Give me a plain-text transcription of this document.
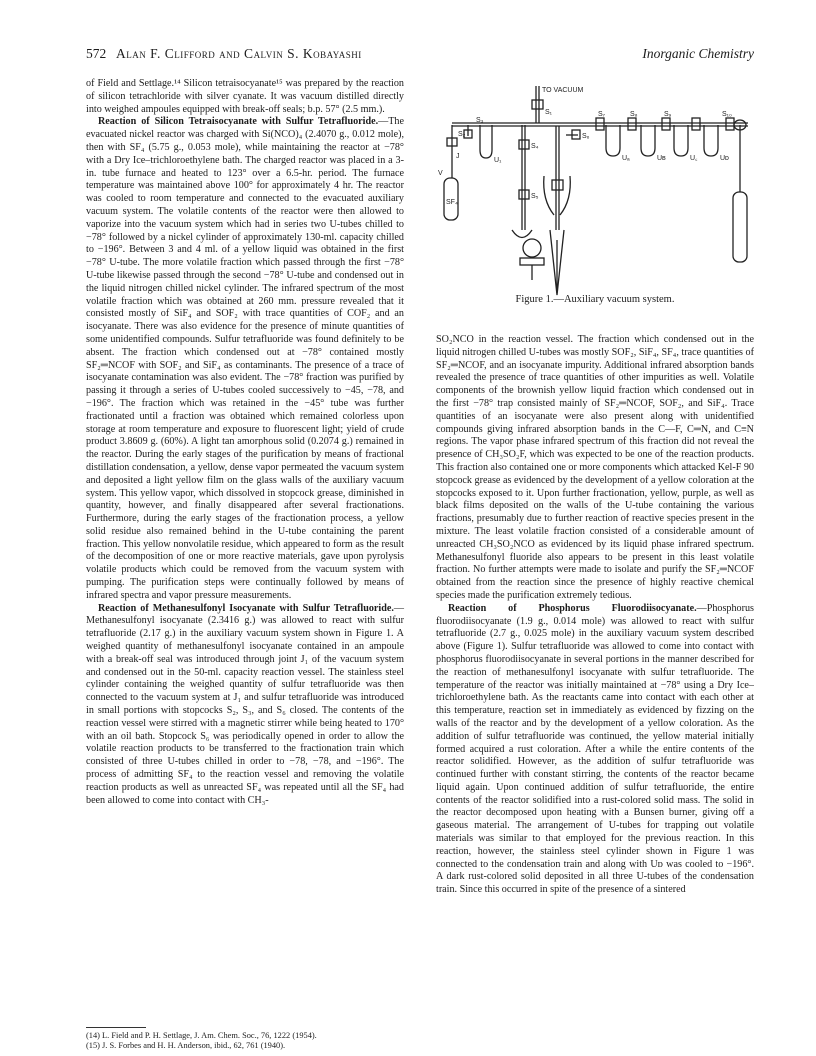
572 Alan F. Clifford and Calvin S. Kobayashi	Inorganic Chemistry

of Field and Settlage.¹⁴ Silicon tetraisocyanate¹⁵ was prepared by the reaction of silicon tetrachloride with silver cyanate. It was vacuum distilled directly into weighed ampoules equipped with break-off seals; b.p. 57° (2.5 mm.).

Reaction of Silicon Tetraisocyanate with Sulfur Tetrafluoride.—The evacuated nickel reactor was charged with Si(NCO)₄ (2.4070 g., 0.012 mole), then with SF₄ (5.75 g., 0.053 mole), while maintaining the reactor at −78° with a Dry Ice–trichloroethylene bath. The charged reactor was placed in a 3-in. tube furnace and heated to 123° over a 6.5-hr. period. The furnace temperature was maintained above 100° for approximately 4 hr. The reactor was cooled to room temperature and connected to the evacuated auxiliary vacuum system. The volatile contents of the reactor were then allowed to vaporize into the vacuum system which had in series two U-tubes chilled to −78° followed by a nickel cylinder of approximately 130-ml. capacity chilled to −196°. Between 3 and 4 ml. of a yellow liquid was obtained in the first −78° U-tube. The more volatile fraction which passed through the first −78° U-tube likewise passed through the second −78° U-tube and condensed out in the liquid nitrogen chilled nickel cylinder. The infrared spectrum of the most volatile fraction which was obtained at 260 mm. pressure revealed that it consisted mostly of SiF₄ and SOF₂ with trace quantities of COF₂ and an isocyanate. There was also evidence for the presence of minute quantities of some unidentified compounds. Sulfur tetrafluoride was found definitely to be absent. The fraction which condensed out at −78° contained mostly SF₂═NCOF with SOF₂ and SiF₄ as contaminants. The presence of a trace of isocyanate contamination was also evident. The −78° fraction was purified by passing it through a series of U-tubes cooled successively to −45, −78, and −196°. The fraction which was retained in the −45° tube was further fractionated until a fraction was obtained which remained colorless upon storage at room temperature and exposure to fluorescent light; yield of crude product 3.8609 g. (60%). A light tan amorphous solid (0.2074 g.) remained in the reactor. During the early stages of the purification by means of fractional distillation condensation, a yellow, dense vapor permeated the vacuum system and deposited a light yellow film on the glass walls of the auxiliary vacuum system. This yellow vapor, which dissolved in stopcock grease, diminished in quantity, however, and finally disappeared after several fractionations. Furthermore, during the early stages of the fractionation process, a yellow solid residue also remained behind in the U-tube containing the parent fraction. This yellow nonvolatile residue, which appeared to form as the result of the decomposition of one or more reactive materials, gave upon pyrolysis volatile products which could be removed from the vacuum system with pumping. The purification steps were continually followed by means of infrared spectra and vapor pressure measurements.

Reaction of Methanesulfonyl Isocyanate with Sulfur Tetrafluoride.—Methanesulfonyl isocyanate (2.3416 g.) was allowed to react with sulfur tetrafluoride (2.17 g.) in the auxiliary vacuum system shown in Figure 1. A weighed quantity of methanesulfonyl isocyanate contained in an ampoule with a break-off seal was introduced through joint J₁ of the vacuum system and condensed out in the 50-ml. capacity reaction vessel. The stainless steel cylinder containing the weighed quantity of sulfur tetrafluoride was then connected to the vacuum system at J₁ and sulfur tetrafluoride was introduced in small portions with stopcocks S₂, S₃, and S₆ closed. The contents of the reaction vessel were stirred with a magnetic stirrer while being heated to 170° with an oil bath. Stopcock S₆ was periodically opened in order to allow the volatile reaction products to be transferred to the fractionation train which consisted of three U-tubes chilled in order to −78, −78, and −196°. The process of admitting SF₄ to the reaction vessel and removing the volatile reaction products as well as unreacted SF₄ was repeated until all the SF₄ had been allowed to come into contact with CH₃-

(14) L. Field and P. H. Settlage, J. Am. Chem. Soc., 76, 1222 (1954).

(15) J. S. Forbes and H. H. Anderson, ibid., 62, 761 (1940).

TO VACUUM
S₁
S₂
S₃
S₄
S₅
S₆
S₇	S₈	S₉	S₁₀
U₁	Uₐ	Uв	U꜀	Uᴅ
J
V
SF₄
Figure 1.—Auxiliary vacuum system.

SO₂NCO in the reaction vessel. The fraction which condensed out in the liquid nitrogen chilled U-tubes was mostly SOF₂, SiF₄, SF₄, trace quantities of SF₂═NCOF, and an isocyanate impurity. Additional infrared absorption bands revealed the presence of trace quantities of other impurities as well. Volatile components of the brownish yellow liquid fraction which condensed out in the first −78° trap consisted mainly of SF₂═NCOF, SOF₂, and SiF₄. Trace quantities of an isocyanate were also present along with unidentified compounds giving infrared absorption bands in the C—F, C═N, and C≡N regions. The vapor phase infrared spectrum of this fraction did not reveal the presence of CH₃SO₂F, which was expected to be one of the reaction products. This fraction also contained one or more components which attacked Kel-F 90 stopcock grease as evidenced by the development of a yellow coloration at the stopcocks exposed to it. Upon further fractionation, yellow, purple, as well as black films deposited on the walls of the U-tube containing the various fractions, presumably due to further reaction of reactive species present in the mixture. The least volatile fraction consisted of a considerable amount of unreacted CH₃SO₂NCO as evidenced by its liquid phase infrared spectrum. Methanesulfonyl fluoride also appears to be present in this least volatile fraction. No further attempts were made to isolate and purify the SF₂═NCOF obtained from the reaction since the presence of highly reactive chemical species made the purification extremely tedious.

Reaction of Phosphorus Fluorodiisocyanate.—Phosphorus fluorodiisocyanate (1.9 g., 0.014 mole) was allowed to react with sulfur tetrafluoride (2.7 g., 0.025 mole) in the auxiliary vacuum system described above (Figure 1). Sulfur tetrafluoride was allowed to come into contact with phosphorus fluorodiisocyanate in several portions in the manner described for the reaction of methanesulfonyl isocyanate with sulfur tetrafluoride. The temperature of the reactor was initially maintained at −78° using a Dry Ice–trichloroethylene bath. As the reactants came into contact with each other at this temperature, reaction set in immediately as evidenced by fizzing on the walls of the reactor and by the development of a yellow coloration. As the addition of sulfur tetrafluoride was continued, the yellow material initially formed acquired a rust coloration. After a while the entire contents of the reactor solidified. However, as the addition of sulfur tetrafluoride was continued further with constant stirring, the contents of the reactor became liquid again. Upon continued addition of sulfur tetrafluoride, the entire contents of the reactor solidified into a rust-colored solid mass. The solid in the reactor decomposed upon heating with a Bunsen burner, giving off a gaseous material. The arrangement of U-tubes for trapping out volatile materials was similar to that employed for the previous reaction. In this reaction, however, the stainless steel cylinder shown in Figure 1 was connected to the condensation train and along with Uᴅ was cooled to −196°. A dark rust-colored solid deposited in all three U-tubes of the condensation train. Since this occurred in spite of the presence of a sintered
